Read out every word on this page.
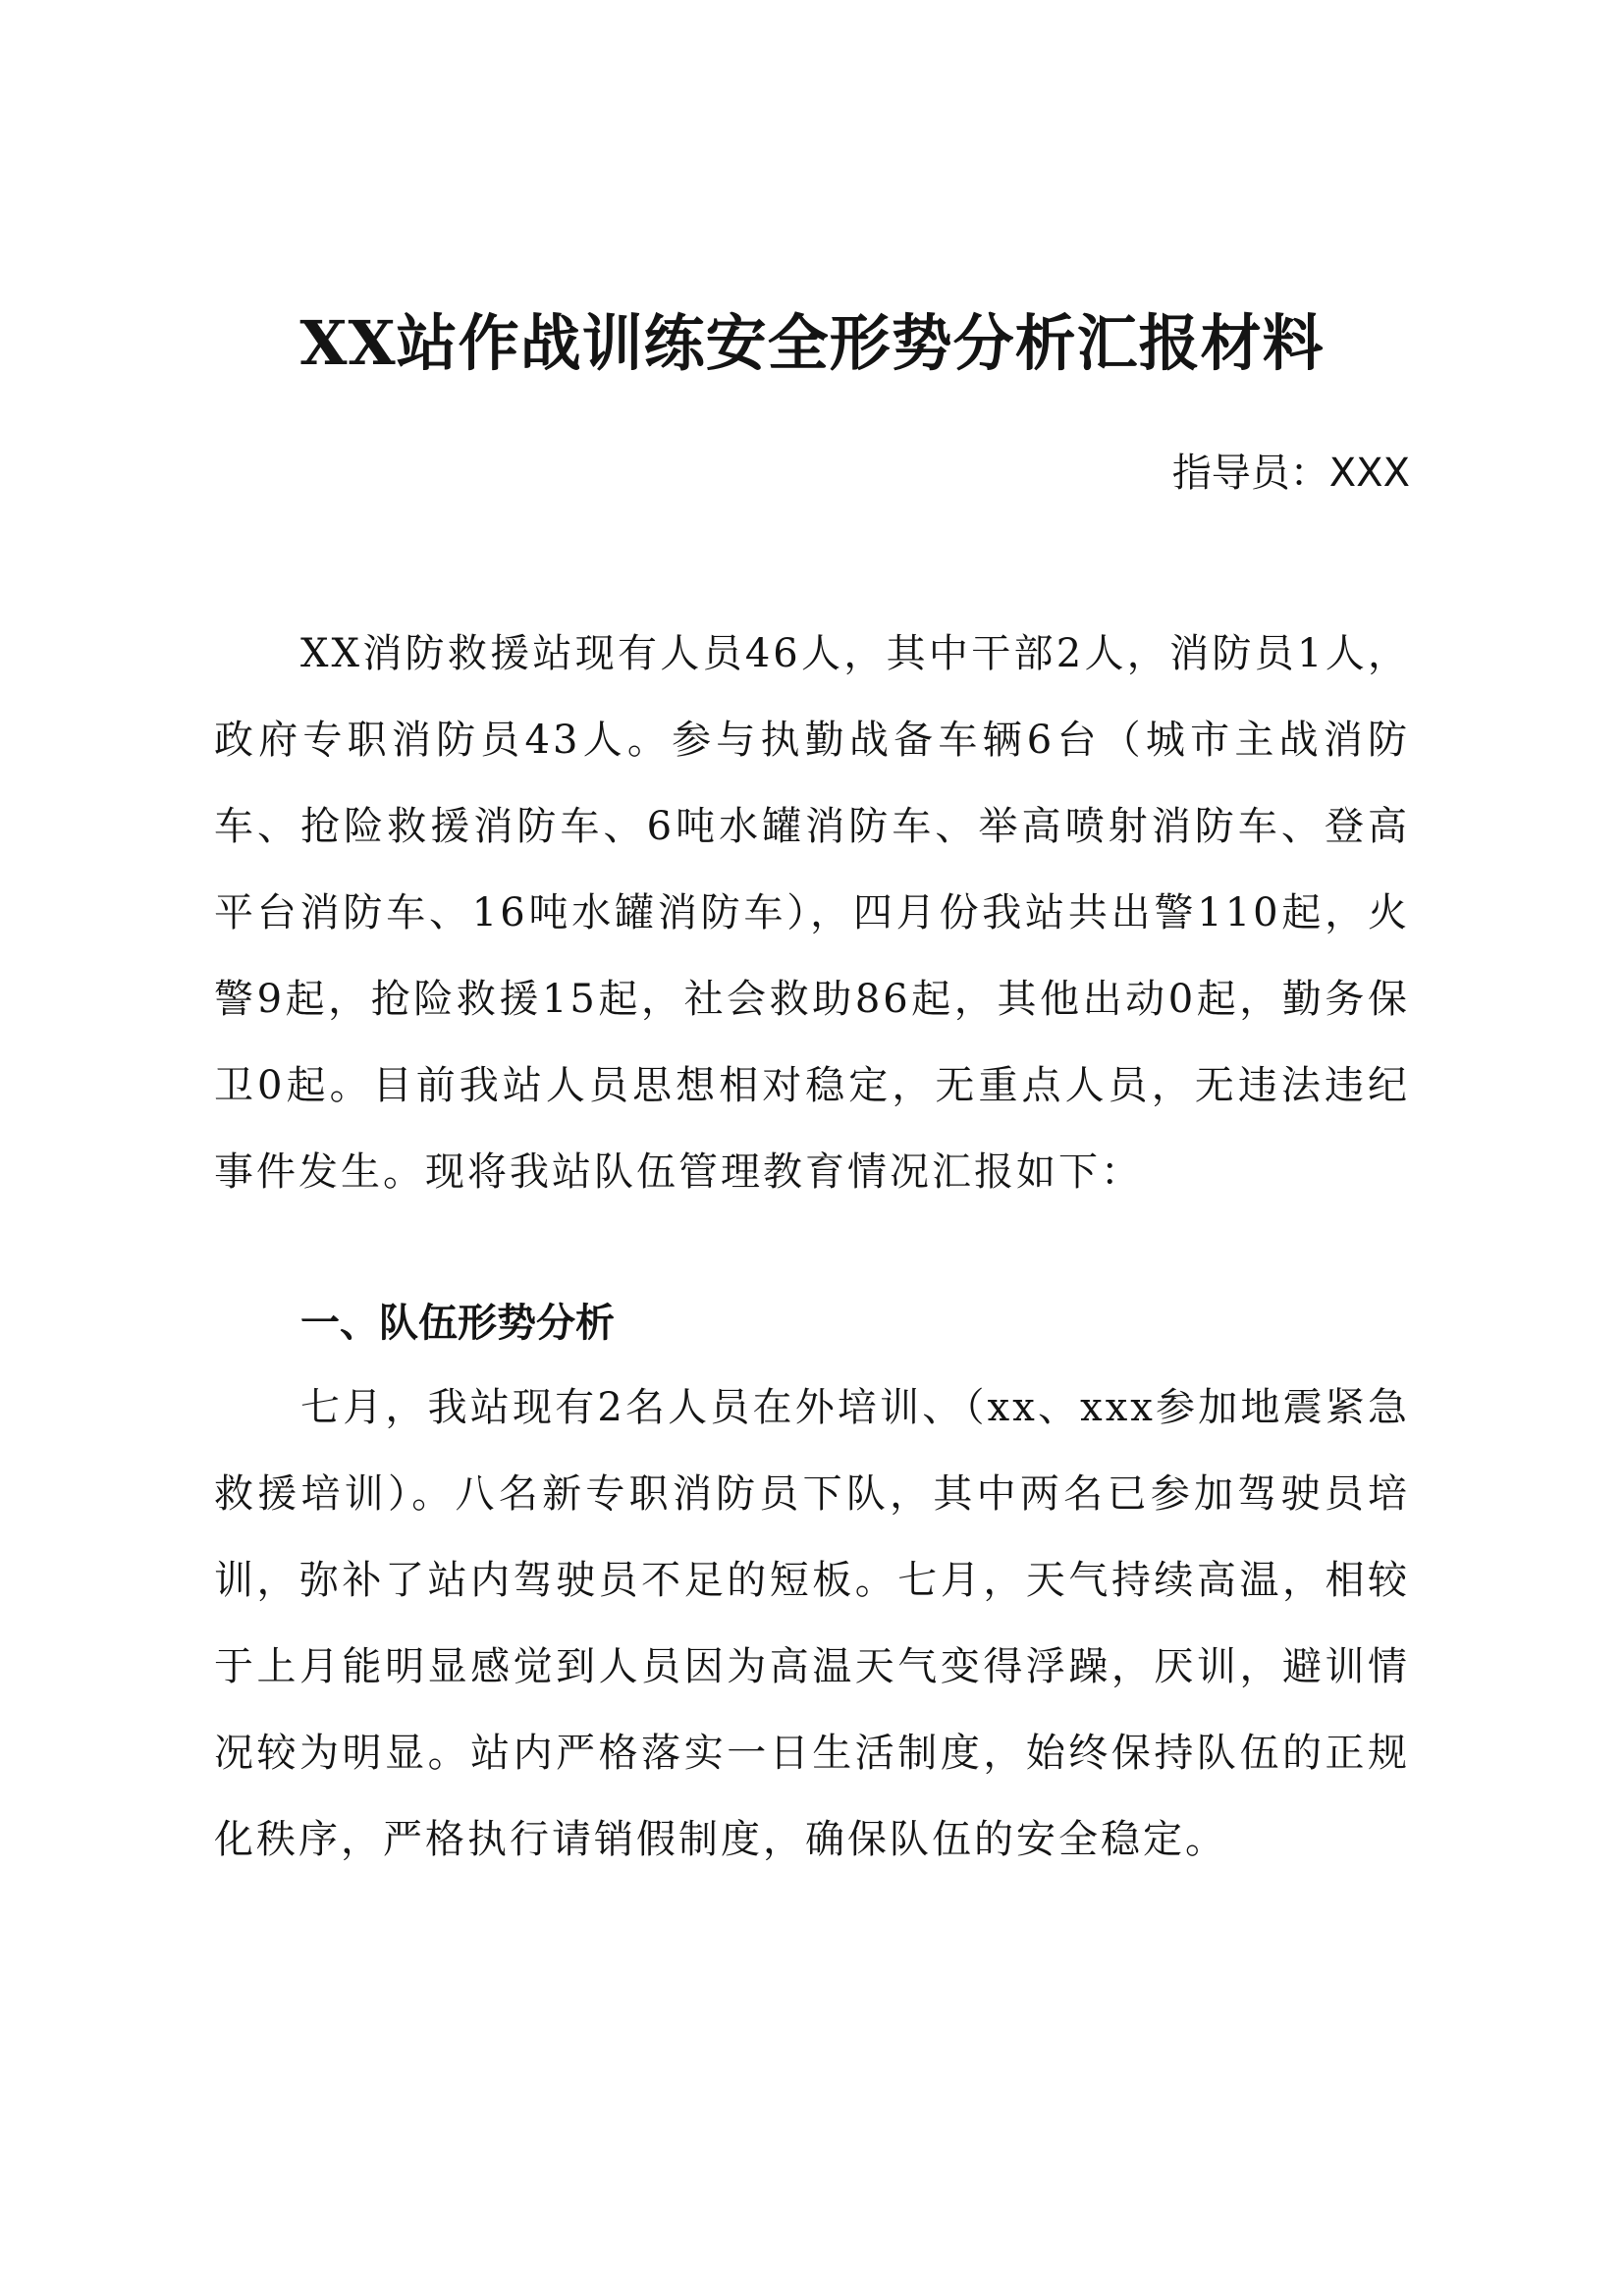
XX站作战训练安全形势分析汇报材料

指导员：XXX

XX消防救援站现有人员46人，其中干部2人，消防员1人，政府专职消防员43人。参与执勤战备车辆6台（城市主战消防车、抢险救援消防车、6吨水罐消防车、举高喷射消防车、登高平台消防车、16吨水罐消防车），四月份我站共出警110起，火警9起，抢险救援15起，社会救助86起，其他出动0起，勤务保卫0起。目前我站人员思想相对稳定，无重点人员，无违法违纪事件发生。现将我站队伍管理教育情况汇报如下：

一、队伍形势分析

七月，我站现有2名人员在外培训、（xx、xxx参加地震紧急救援培训）。八名新专职消防员下队，其中两名已参加驾驶员培训，弥补了站内驾驶员不足的短板。七月，天气持续高温，相较于上月能明显感觉到人员因为高温天气变得浮躁，厌训，避训情况较为明显。站内严格落实一日生活制度，始终保持队伍的正规化秩序，严格执行请销假制度，确保队伍的安全稳定。
